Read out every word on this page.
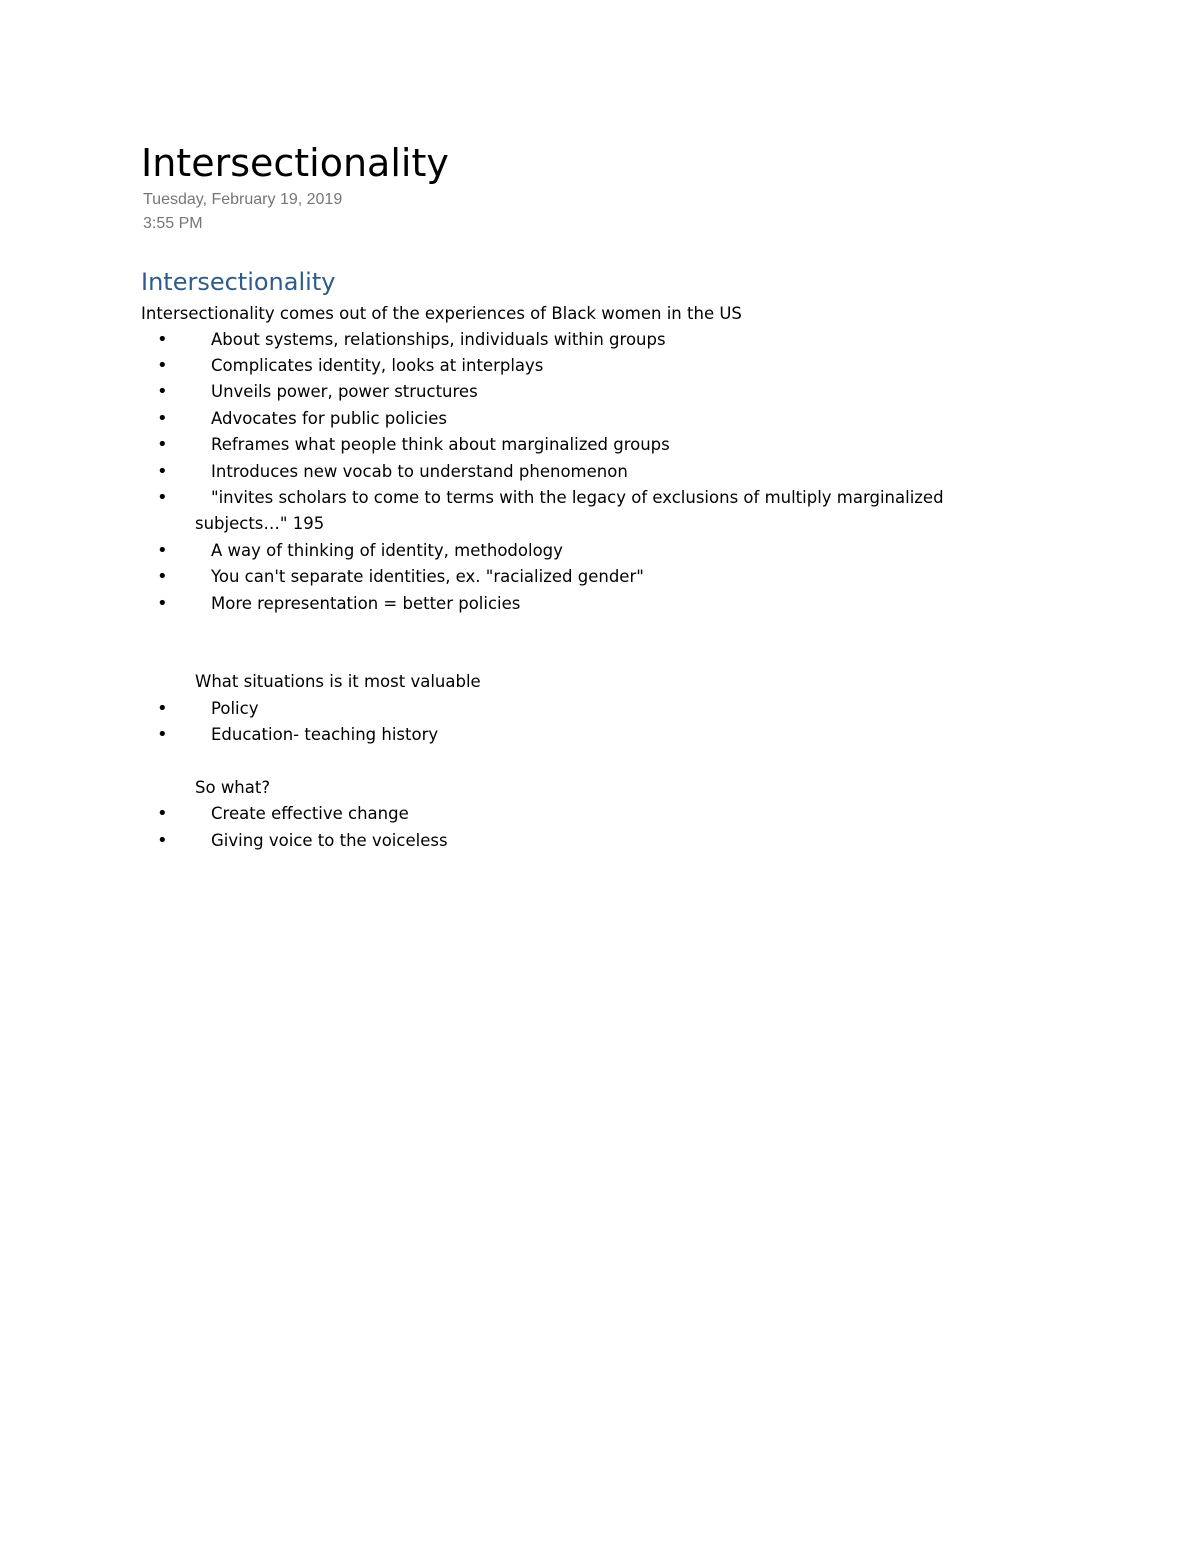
Intersectionality
Tuesday, February 19, 2019
3:55 PM
Intersectionality
Intersectionality comes out of the experiences of Black women in the US
•	About systems, relationships, individuals within groups
•	Complicates identity, looks at interplays
•	Unveils power, power structures
•	Advocates for public policies
•	Reframes what people think about marginalized groups
•	Introduces new vocab to understand phenomenon
•	"invites scholars to come to terms with the legacy of exclusions of multiply marginalized
subjects…" 195
•	A way of thinking of identity, methodology
•	You can't separate identities, ex. "racialized gender"
•	More representation = better policies
What situations is it most valuable
•	Policy
•	Education- teaching history
So what?
•	Create effective change
•	Giving voice to the voiceless
